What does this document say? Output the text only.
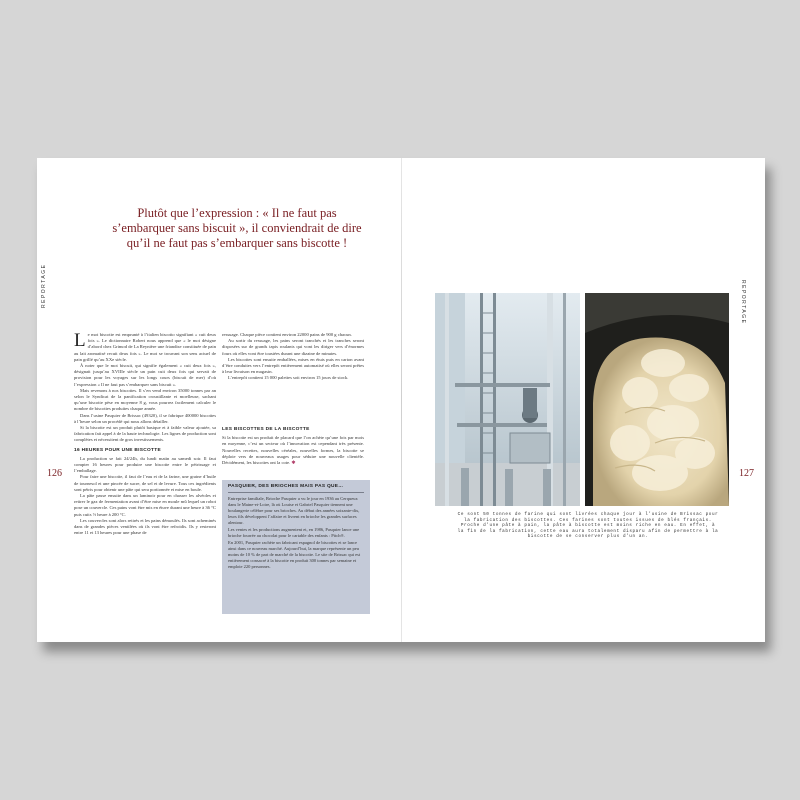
Plutôt que l’expression : « Il ne faut pas s’embarquer sans biscuit », il conviendrait de dire qu’il ne faut pas s’embarquer sans biscotte !
REPORTAGE	REPORTAGE
126	127

Le mot biscotte est emprunté à l’italien biscotto signifiant « cuit deux fois ». Le dictionnaire Robert nous apprend que « le mot désigne d’abord chez Grimod de La Reynière une friandise constituée de pain au lait aromatisé recuit deux fois ». Le mot se trouvant son sens actuel de pain grillé qu’au XXe siècle.

À noter que le mot biscuit, qui signifie également « cuit deux fois », désignait jusqu’au XVIIIe siècle un pain cuit deux fois qui servait de provision pour les voyages sur les longs cours (biscuit de mer) d’où l’expression « Il ne faut pas s’embarquer sans biscuit ».

Mais revenons à nos biscottes. Il s’en vend environ 35000 tonnes par an selon le Syndicat de la panification croustillante et moelleuse, sachant qu’une biscotte pèse en moyenne 8 g, vous pourrez facilement calculer le nombre de biscottes produites chaque année.

Dans l’usine Pasquier de Brissac (49320), il se fabrique 400000 biscottes à l’heure selon un procédé qui nous allons détailler.

Si la biscotte est un produit plutôt basique et à faible valeur ajoutée, sa fabrication fait appel à de la haute technologie. Les lignes de production sont complètes et nécessitent de gros investissements.

16 HEURES POUR UNE BISCOTTE

La production se fait 24/24h, du lundi matin au samedi soir. Il faut compter 16 heures pour produire une biscotte entre le pétrissage et l’emballage.

Pour faire une biscotte, il faut de l’eau et de la farine, une graine d’huile de tournesol et une pincée de sucre, de sel et de levure. Tous ces ingrédients sont pétris pour obtenir une pâte qui sera portionnée et mise en boule.

La pâte passe ensuite dans un laminoir pour en chasser les alvéoles et retirer le gaz de fermentation avant d’être mise en moule mû lequel un robot pose un couvercle. Ces pains vont être mis en étuve durant une heure à 36 °C puis cuits ½ heure à 200 °C.

Les couvercles sont alors retirés et les pains démoulés. Ils sont acheminés dans de grandes pièces ventilées où ils vont être refroidis. Ils y resteront entre 11 et 13 heures pour une phase de

ressuage. Chaque pièce contient environ 22000 pains de 900 g chacun.

Au sortir du ressuage, les pains seront tranchés et les tranches seront disposées sur de grands tapis roulants qui vont les diriger vers d’énormes fours où elles vont être toastées durant une dizaine de minutes.

Les biscottes sont ensuite emballées, mises en étuis puis en carton avant d’être conduites vers l’entrepôt entièrement automatisé où elles seront prêtes à leur livraison en magasin.

L’entrepôt contient 15 000 palettes soit environ 15 jours de stock.

LES BISCOTTES DE LA BISCOTTE

Si la biscotte est un produit de placard que l’on achète qu’une fois par mois en moyenne, c’est un secteur où l’innovation est cependant très présente. Nouvelles recettes, nouvelles céréales, nouvelles formes, la biscotte se déploie vers de nouveaux usages pour séduire une nouvelle clientèle. Décidément, les biscottes ont la cote. ✱

PASQUIER, DES BRIOCHES MAIS PAS QUE…

Entreprise familiale, Brioche Pasquier a vu le jour en 1936 au Cerqueux dans le Maine-et-Loire, là où Louise et Gabriel Pasquier tiennent une boulangerie célèbre pour ses brioches. Au début des années soixante-dix, leurs fils développent l’affaire et livrent en brioche les grandes surfaces alentour.

Les ventes et les productions augmentent et, en 1986, Pasquier lance une brioche fourrée au chocolat pour le cartable des enfants : Pitch®.

En 2001, Pasquier rachète un fabricant espagnol de biscottes et se lance ainsi dans ce nouveau marché. Aujourd’hui, la marque représente un peu moins de 10 % de part de marché de la biscotte. Le site de Brissac qui est entièrement consacré à la biscotte en produit 300 tonnes par semaine et emploie 220 personnes.

Ce sont 50 tonnes de farine qui sont livrées chaque jour à l’usine de Brissac pour la fabrication des biscottes. Ces farines sont toutes issues de blés français. Proche d’une pâte à pain, la pâte à biscotte est moins riche en eau. En effet, à la fin de la fabrication, cette eau aura totalement disparu afin de permettre à la biscotte de se conserver plus d’un an.
